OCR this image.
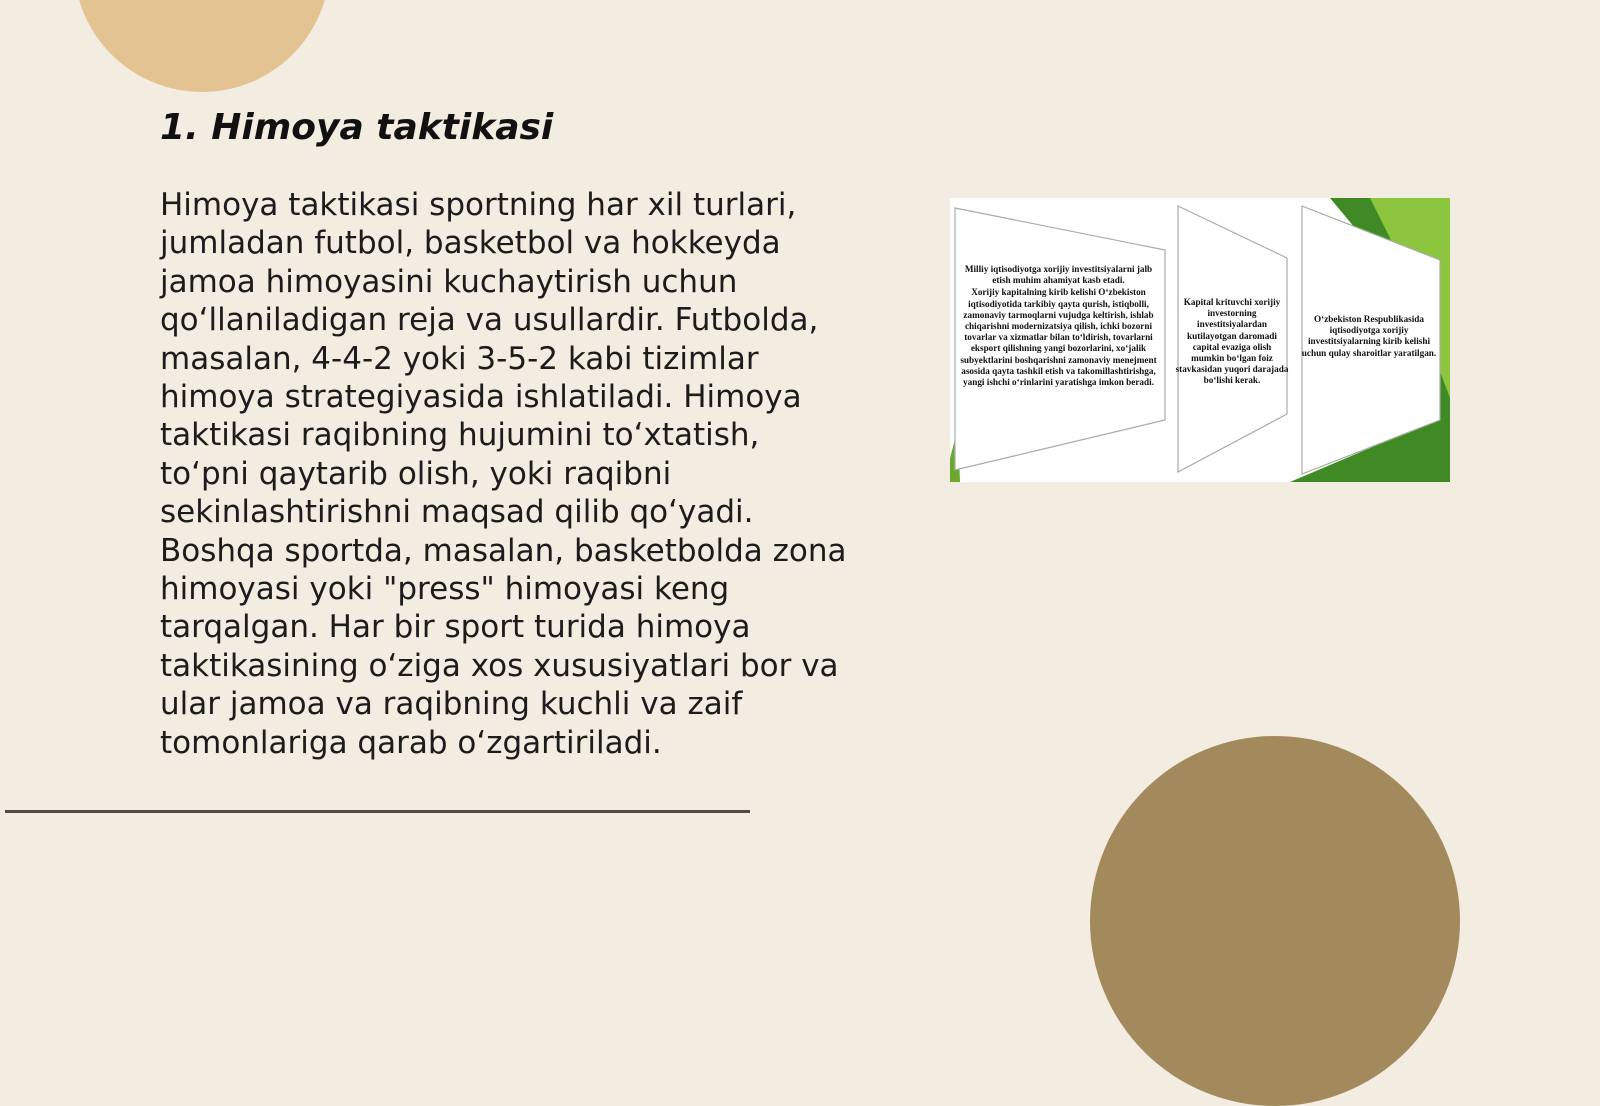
1. Himoya taktikasi

Himoya taktikasi sportning har xil turlari, jumladan futbol, basketbol va hokkeyda jamoa himoyasini kuchaytirish uchun qo‘llaniladigan reja va usullardir. Futbolda, masalan, 4-4-2 yoki 3-5-2 kabi tizimlar himoya strategiyasida ishlatiladi. Himoya taktikasi raqibning hujumini to‘xtatish, to‘pni qaytarib olish, yoki raqibni sekinlashtirishni maqsad qilib qo‘yadi. Boshqa sportda, masalan, basketbolda zona himoyasi yoki "press" himoyasi keng tarqalgan. Har bir sport turida himoya taktikasining o‘ziga xos xususiyatlari bor va ular jamoa va raqibning kuchli va zaif tomonlariga qarab o‘zgartiriladi.

Milliy iqtisodiyotga xorijiy investitsiyalarni jalb etish muhim ahamiyat kasb etadi.

Xorijiy kapitalning kirib kelishi O‘zbekiston iqtisodiyotida tarkibiy qayta qurish, istiqbolli, zamonaviy tarmoqlarni vujudga keltirish, ishlab chiqarishni modernizatsiya qilish, ichki bozorni tovarlar va xizmatlar bilan to‘ldirish, tovarlarni eksport qilishning yangi bozorlarini, xo‘jalik subyektlarini boshqarishni zamonaviy menejment asosida qayta tashkil etish va takomillashtirishga, yangi ishchi o‘rinlarini yaratishga imkon beradi.

Kapital krituvchi xorijiy investorning investitsiyalardan kutilayotgan daromadi capital evaziga olish mumkin bo‘lgan foiz stavkasidan yuqori darajada bo‘lishi kerak.

O‘zbekiston Respublikasida iqtisodiyotga xorijiy investitsiyalarning kirib kelishi uchun qulay sharoitlar yaratilgan.
